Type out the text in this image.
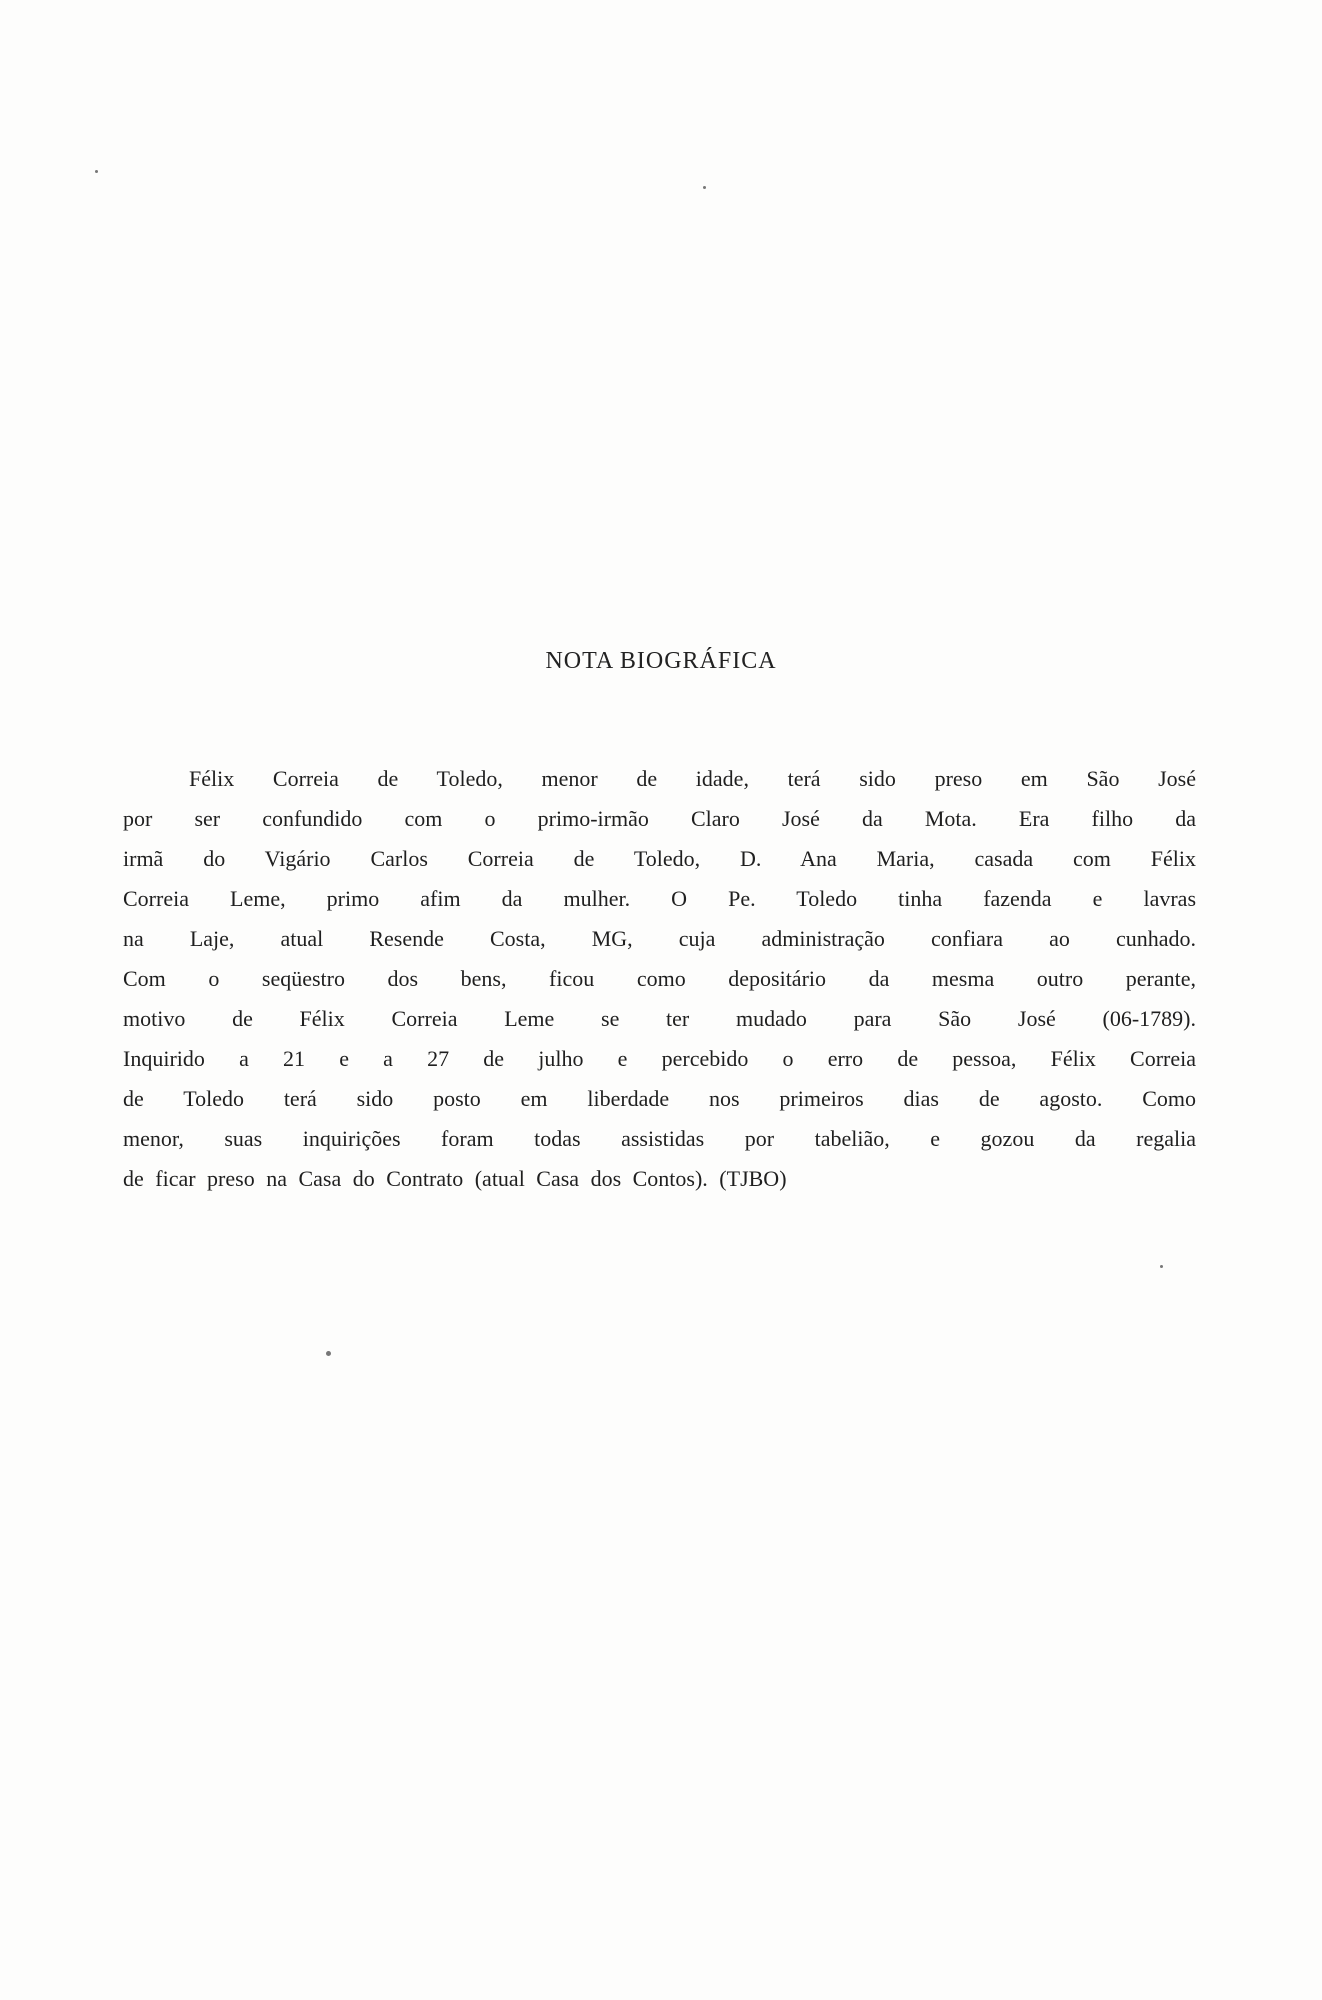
NOTA BIOGRÁFICA
Félix Correia de Toledo, menor de idade, terá sido preso em São José
por ser confundido com o primo-irmão Claro José da Mota. Era filho da
irmã do Vigário Carlos Correia de Toledo, D. Ana Maria, casada com Félix
Correia Leme, primo afim da mulher. O Pe. Toledo tinha fazenda e lavras
na Laje, atual Resende Costa, MG, cuja administração confiara ao cunhado.
Com o seqüestro dos bens, ficou como depositário da mesma outro perante,
motivo de Félix Correia Leme se ter mudado para São José (06-1789).
Inquirido a 21 e a 27 de julho e percebido o erro de pessoa, Félix Correia
de Toledo terá sido posto em liberdade nos primeiros dias de agosto. Como
menor, suas inquirições foram todas assistidas por tabelião, e gozou da regalia
de ficar preso na Casa do Contrato (atual Casa dos Contos). (TJBO)
